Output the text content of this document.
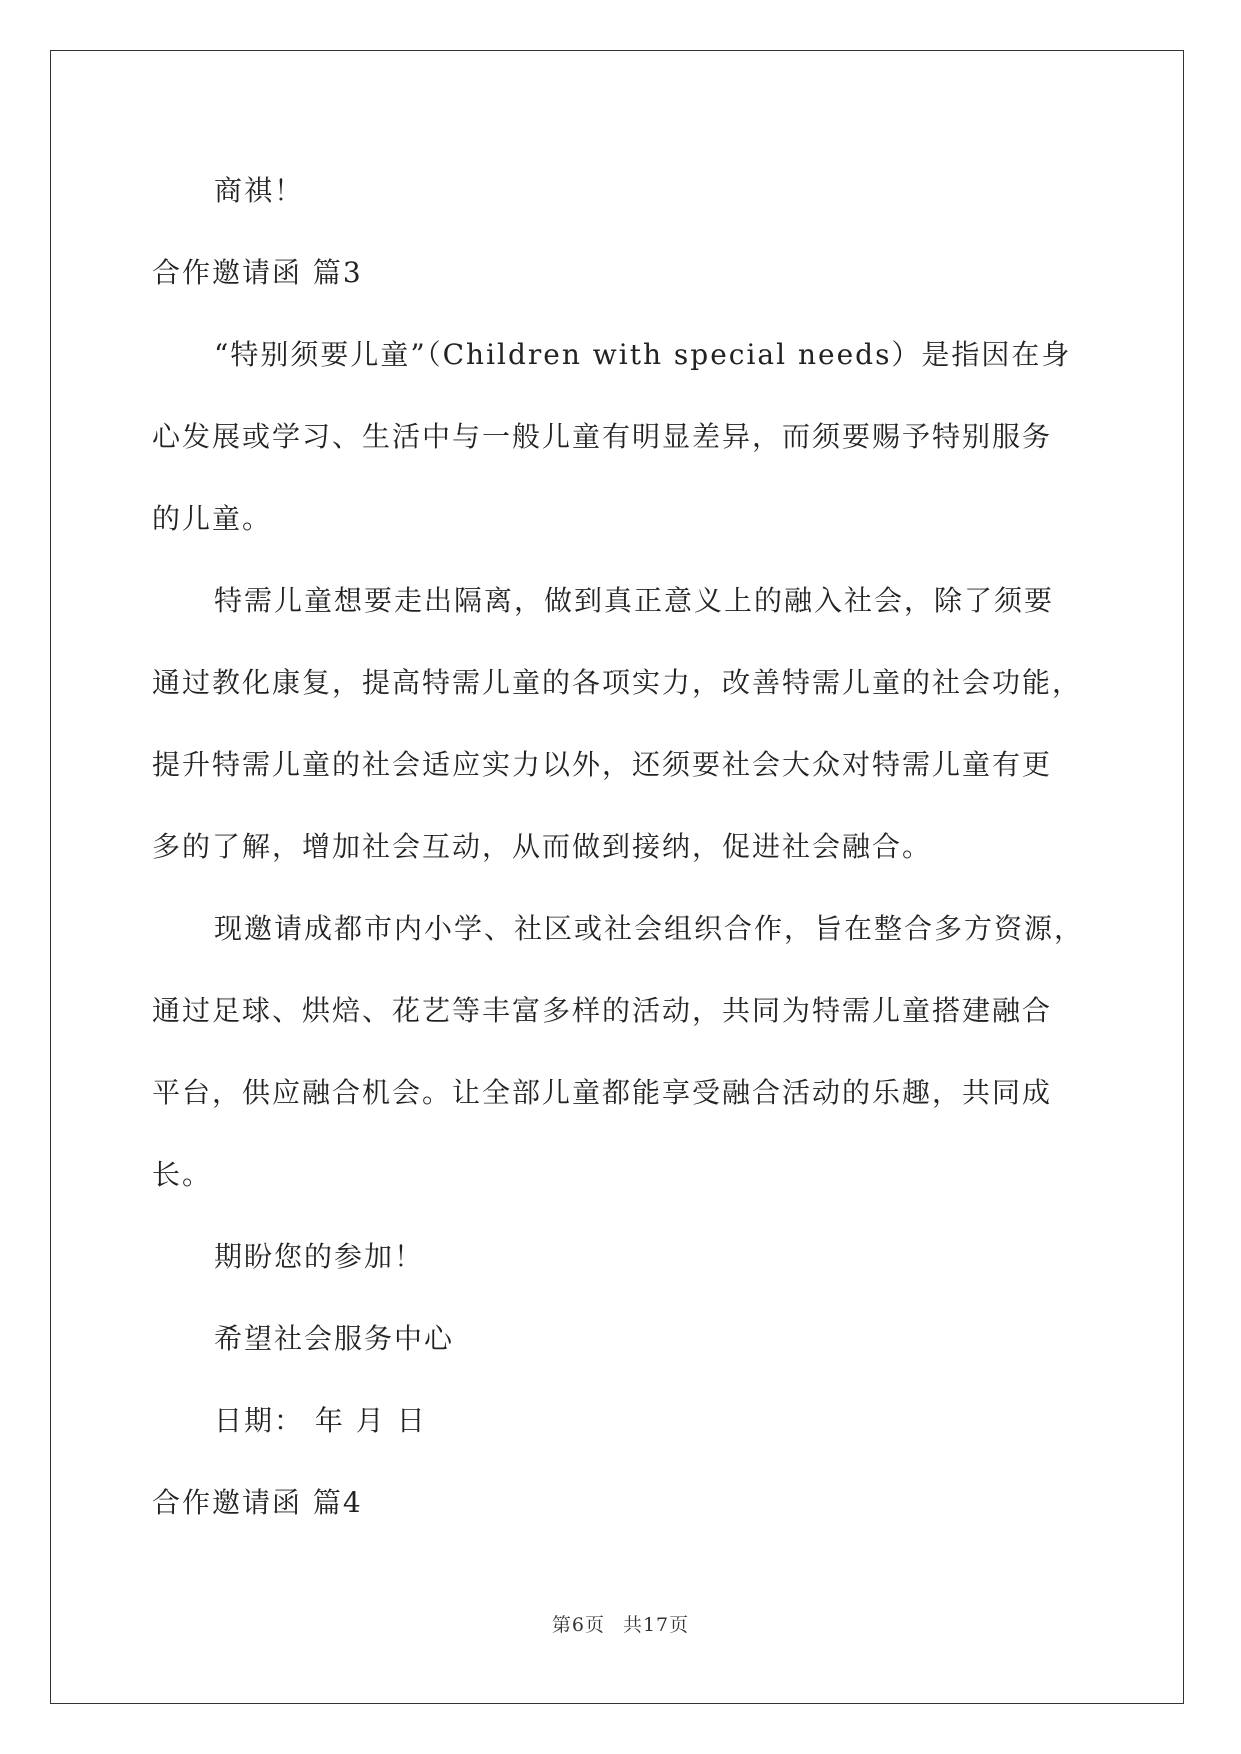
商祺！

合作邀请函 篇3

“特别须要儿童”（Children with special needs）是指因在身
心发展或学习、生活中与一般儿童有明显差异，而须要赐予特别服务
的儿童。

特需儿童想要走出隔离，做到真正意义上的融入社会，除了须要
通过教化康复，提高特需儿童的各项实力，改善特需儿童的社会功能，
提升特需儿童的社会适应实力以外，还须要社会大众对特需儿童有更
多的了解，增加社会互动，从而做到接纳，促进社会融合。

现邀请成都市内小学、社区或社会组织合作，旨在整合多方资源，
通过足球、烘焙、花艺等丰富多样的活动，共同为特需儿童搭建融合
平台，供应融合机会。让全部儿童都能享受融合活动的乐趣，共同成
长。

期盼您的参加！

希望社会服务中心

日期： 年 月 日

合作邀请函 篇4

第6页 共17页
